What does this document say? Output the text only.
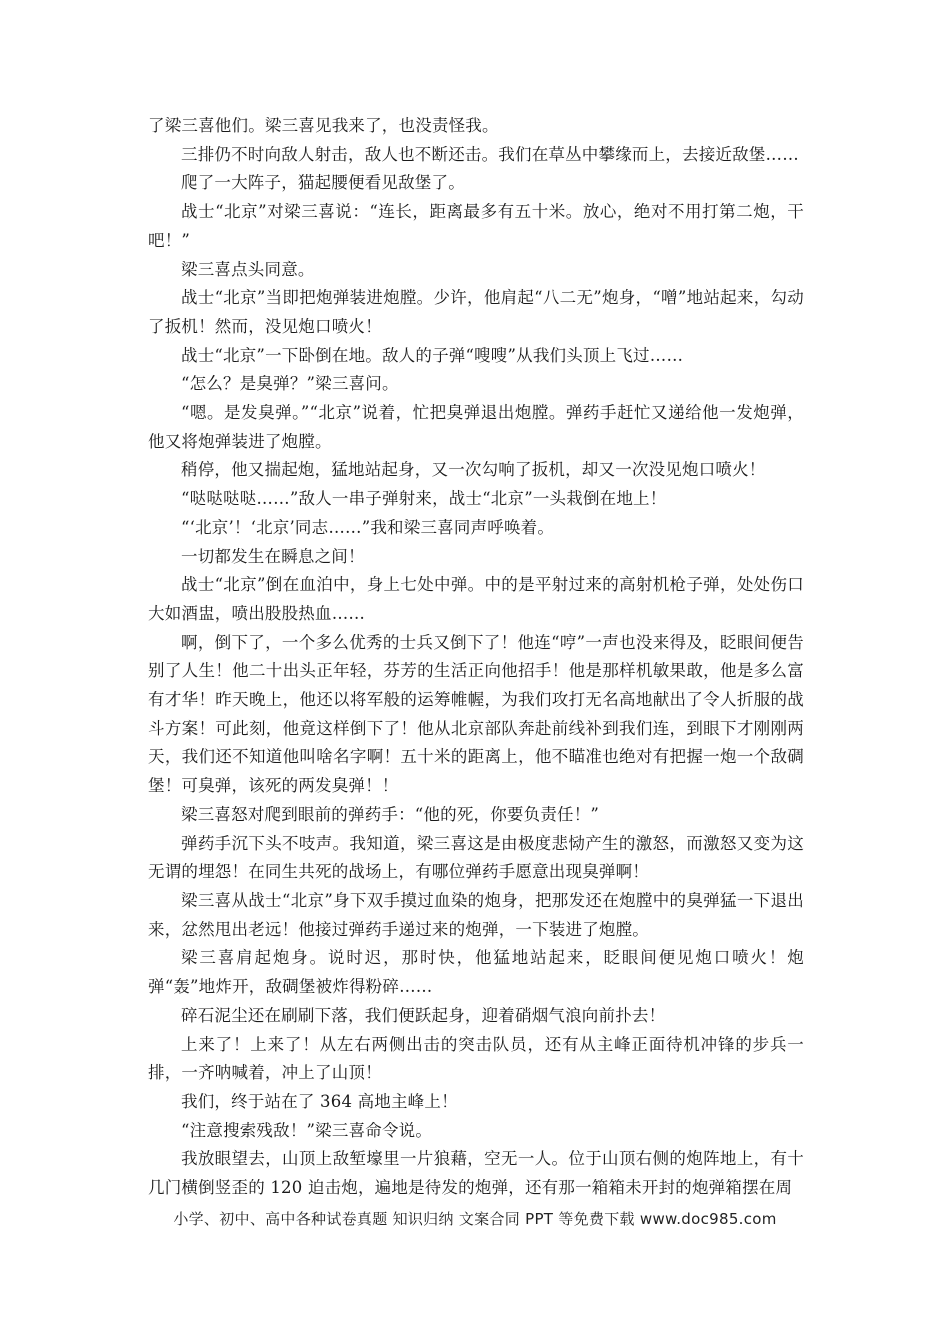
了梁三喜他们。梁三喜见我来了，也没责怪我。

三排仍不时向敌人射击，敌人也不断还击。我们在草丛中攀缘而上，去接近敌堡……

爬了一大阵子，猫起腰便看见敌堡了。

战士“北京”对梁三喜说：“连长，距离最多有五十米。放心，绝对不用打第二炮，干吧！”

梁三喜点头同意。

战士“北京”当即把炮弹装进炮膛。少许，他肩起“八二无”炮身，“噌”地站起来，勾动了扳机！然而，没见炮口喷火！

战士“北京”一下卧倒在地。敌人的子弹“嗖嗖”从我们头顶上飞过……

“怎么？是臭弹？”梁三喜问。

“嗯。是发臭弹。”“北京”说着，忙把臭弹退出炮膛。弹药手赶忙又递给他一发炮弹，他又将炮弹装进了炮膛。

稍停，他又揣起炮，猛地站起身，又一次勾响了扳机，却又一次没见炮口喷火！

“哒哒哒哒……”敌人一串子弹射来，战士“北京”一头栽倒在地上！

“‘北京’！‘北京’同志……”我和梁三喜同声呼唤着。

一切都发生在瞬息之间！

战士“北京”倒在血泊中，身上七处中弹。中的是平射过来的高射机枪子弹，处处伤口大如酒盅，喷出股股热血……

啊，倒下了，一个多么优秀的士兵又倒下了！他连“哼”一声也没来得及，眨眼间便告别了人生！他二十出头正年轻，芬芳的生活正向他招手！他是那样机敏果敢，他是多么富有才华！昨天晚上，他还以将军般的运筹帷幄，为我们攻打无名高地献出了令人折服的战斗方案！可此刻，他竟这样倒下了！他从北京部队奔赴前线补到我们连，到眼下才刚刚两天，我们还不知道他叫啥名字啊！五十米的距离上，他不瞄准也绝对有把握一炮一个敌碉堡！可臭弹，该死的两发臭弹！！

梁三喜怒对爬到眼前的弹药手：“他的死，你要负责任！”

弹药手沉下头不吱声。我知道，梁三喜这是由极度悲恸产生的激怒，而激怒又变为这无谓的埋怨！在同生共死的战场上，有哪位弹药手愿意出现臭弹啊！

梁三喜从战士“北京”身下双手摸过血染的炮身，把那发还在炮膛中的臭弹猛一下退出来，忿然甩出老远！他接过弹药手递过来的炮弹，一下装进了炮膛。

梁三喜肩起炮身。说时迟，那时快，他猛地站起来，眨眼间便见炮口喷火！炮弹“轰”地炸开，敌碉堡被炸得粉碎……

碎石泥尘还在刷刷下落，我们便跃起身，迎着硝烟气浪向前扑去！

上来了！上来了！从左右两侧出击的突击队员，还有从主峰正面待机冲锋的步兵一排，一齐呐喊着，冲上了山顶！

我们，终于站在了 364 高地主峰上！

“注意搜索残敌！”梁三喜命令说。

我放眼望去，山顶上敌堑壕里一片狼藉，空无一人。位于山顶右侧的炮阵地上，有十几门横倒竖歪的 120 迫击炮，遍地是待发的炮弹，还有那一箱箱未开封的炮弹箱摆在周

小学、初中、高中各种试卷真题 知识归纳 文案合同 PPT 等免费下载 www.doc985.com
